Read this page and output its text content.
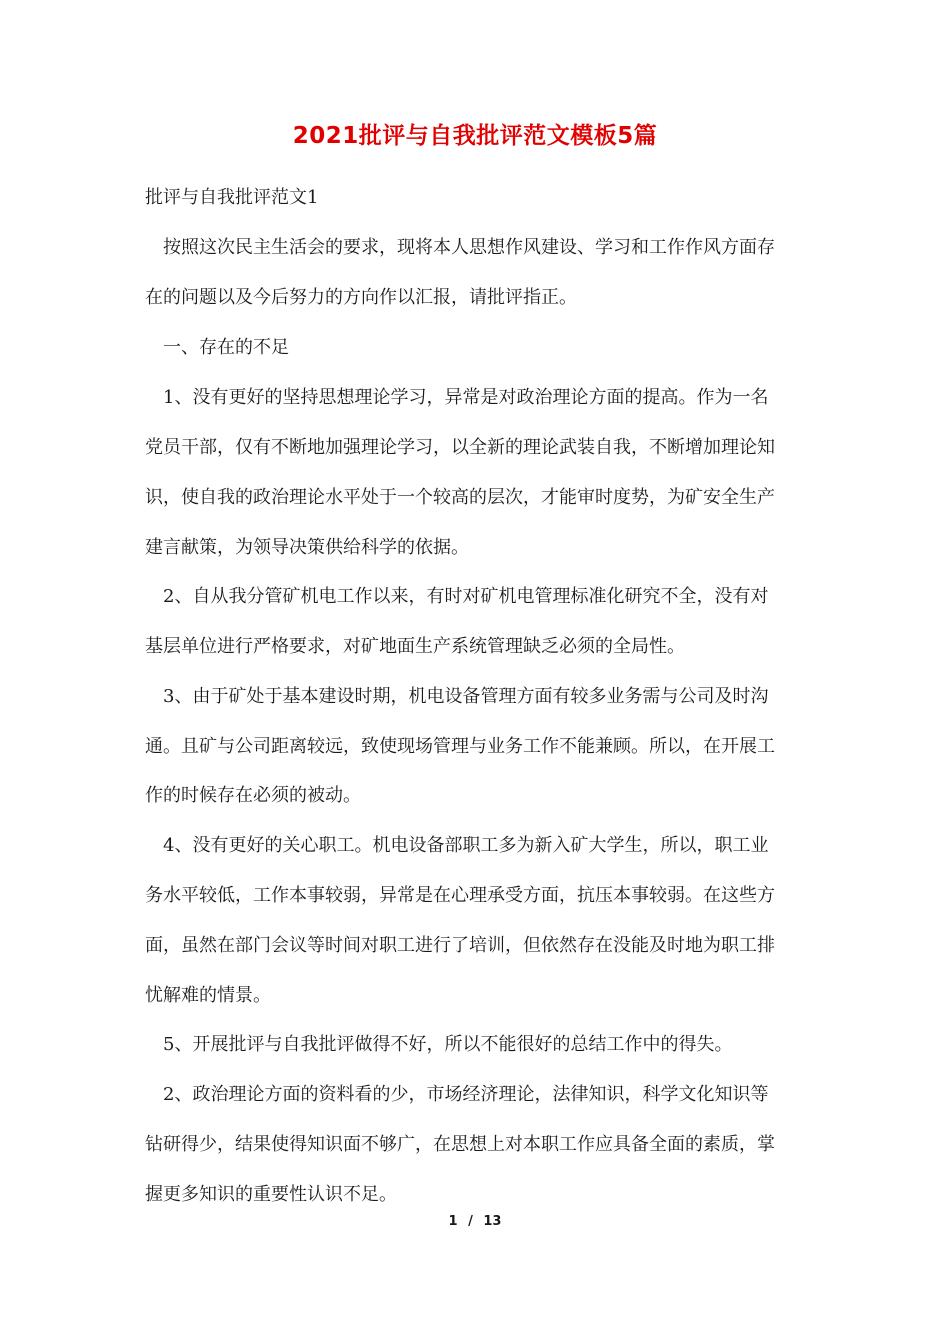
2021批评与自我批评范文模板5篇

批评与自我批评范文1

按照这次民主生活会的要求，现将本人思想作风建设、学习和工作作风方面存

在的问题以及今后努力的方向作以汇报，请批评指正。

一、存在的不足

1、没有更好的坚持思想理论学习，异常是对政治理论方面的提高。作为一名

党员干部，仅有不断地加强理论学习，以全新的理论武装自我，不断增加理论知

识，使自我的政治理论水平处于一个较高的层次，才能审时度势，为矿安全生产

建言献策，为领导决策供给科学的依据。

2、自从我分管矿机电工作以来，有时对矿机电管理标准化研究不全，没有对

基层单位进行严格要求，对矿地面生产系统管理缺乏必须的全局性。

3、由于矿处于基本建设时期，机电设备管理方面有较多业务需与公司及时沟

通。且矿与公司距离较远，致使现场管理与业务工作不能兼顾。所以，在开展工

作的时候存在必须的被动。

4、没有更好的关心职工。机电设备部职工多为新入矿大学生，所以，职工业

务水平较低，工作本事较弱，异常是在心理承受方面，抗压本事较弱。在这些方

面，虽然在部门会议等时间对职工进行了培训，但依然存在没能及时地为职工排

忧解难的情景。

5、开展批评与自我批评做得不好，所以不能很好的总结工作中的得失。

2、政治理论方面的资料看的少，市场经济理论，法律知识，科学文化知识等

钻研得少，结果使得知识面不够广，在思想上对本职工作应具备全面的素质，掌

握更多知识的重要性认识不足。

1 / 13
